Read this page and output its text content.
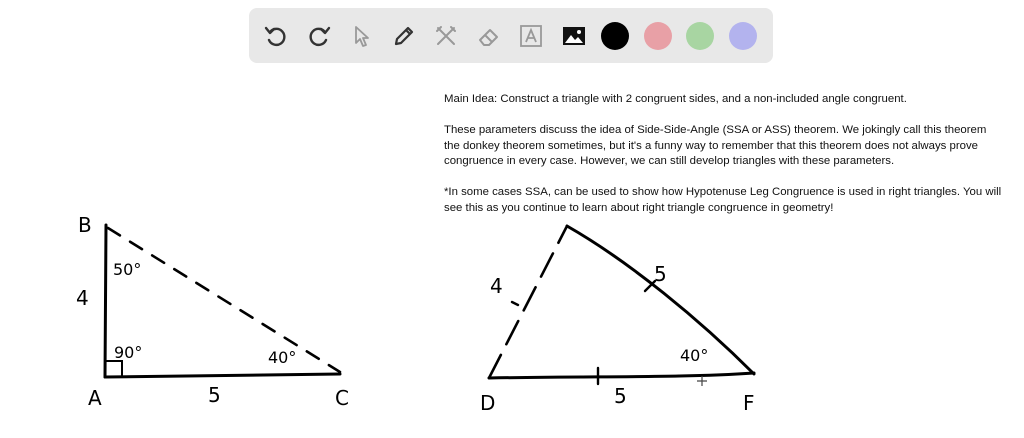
Main Idea: Construct a triangle with 2 congruent sides, and a non-included angle congruent.

These parameters discuss the idea of Side-Side-Angle (SSA or ASS) theorem. We jokingly call this theorem the donkey theorem sometimes, but it's a funny way to remember that this theorem does not always prove congruence in every case. However, we can still develop triangles with these parameters.

*In some cases SSA, can be used to show how Hypotenuse Leg Congruence is used in right triangles. You will see this as you continue to learn about right triangle congruence in geometry!

B
A	C
4
5
50°
90°	40°
D	F
4	5
5
40°
